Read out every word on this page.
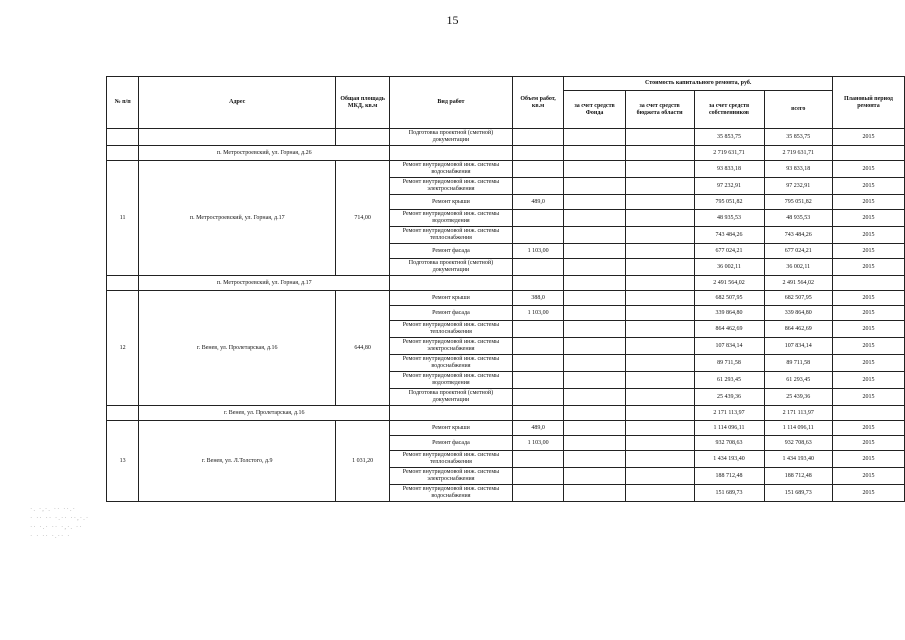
15
·. ·,·. ·· ··.·
· ·· ·· ·.·· ··,·.·
·· ·.· ·· ·,·. ··
· · ·· ·.·· ·
№ п/п	Адрес	Общая площадь МКД, кв.м	Вид работ	Объем работ, кв.м	Стоимость капитального ремонта, руб.				Плановый период ремонта
					за счет средств Фонда	за счет средств бюджета области	за счет средств собственников	всего	
			Подготовка проектной (сметной) документации				35 853,75	35 853,75	2015
	п. Метростроевский, ул. Горная, д.26						2 719 631,71	2 719 631,71	
11	п. Метростроевский, ул. Горная, д.17	714,00	Ремонт внутридомовой инж. системы водоснабжения				93 833,18	93 833,18	2015
			Ремонт внутридомовой инж. системы электроснабжения				97 232,91	97 232,91	2015
			Ремонт крыши	489,0			795 051,82	795 051,82	2015
			Ремонт внутридомовой инж. системы водоотведения				48 935,53	48 935,53	2015
			Ремонт внутридомовой инж. системы теплоснабжения				743 484,26	743 484,26	2015
			Ремонт фасада	1 103,00			677 024,21	677 024,21	2015
			Подготовка проектной (сметной) документации				36 002,11	36 002,11	2015
	п. Метростроевский, ул. Горная, д.17						2 491 564,02	2 491 564,02	
12	г. Венев, ул. Пролетарская, д.16	644,80	Ремонт крыши	388,0			682 507,95	682 507,95	2015
			Ремонт фасада	1 103,00			339 864,80	339 864,80	2015
			Ремонт внутридомовой инж. системы теплоснабжения				864 462,69	864 462,69	2015
			Ремонт внутридомовой инж. системы электроснабжения				107 834,14	107 834,14	2015
			Ремонт внутридомовой инж. системы водоснабжения				89 711,58	89 711,58	2015
			Ремонт внутридомовой инж. системы водоотведения				61 293,45	61 293,45	2015
			Подготовка проектной (сметной) документации				25 439,36	25 439,36	2015
	г. Венев, ул. Пролетарская, д.16						2 171 113,97	2 171 113,97	
13	г. Венев, ул. Л.Толстого, д.9	1 031,20	Ремонт крыши	489,0			1 114 096,11	1 114 096,11	2015
			Ремонт фасада	1 103,00			932 708,63	932 708,63	2015
			Ремонт внутридомовой инж. системы теплоснабжения				1 434 193,40	1 434 193,40	2015
			Ремонт внутридомовой инж. системы электроснабжения				188 712,48	188 712,48	2015
			Ремонт внутридомовой инж. системы водоснабжения				151 689,73	151 689,73	2015
